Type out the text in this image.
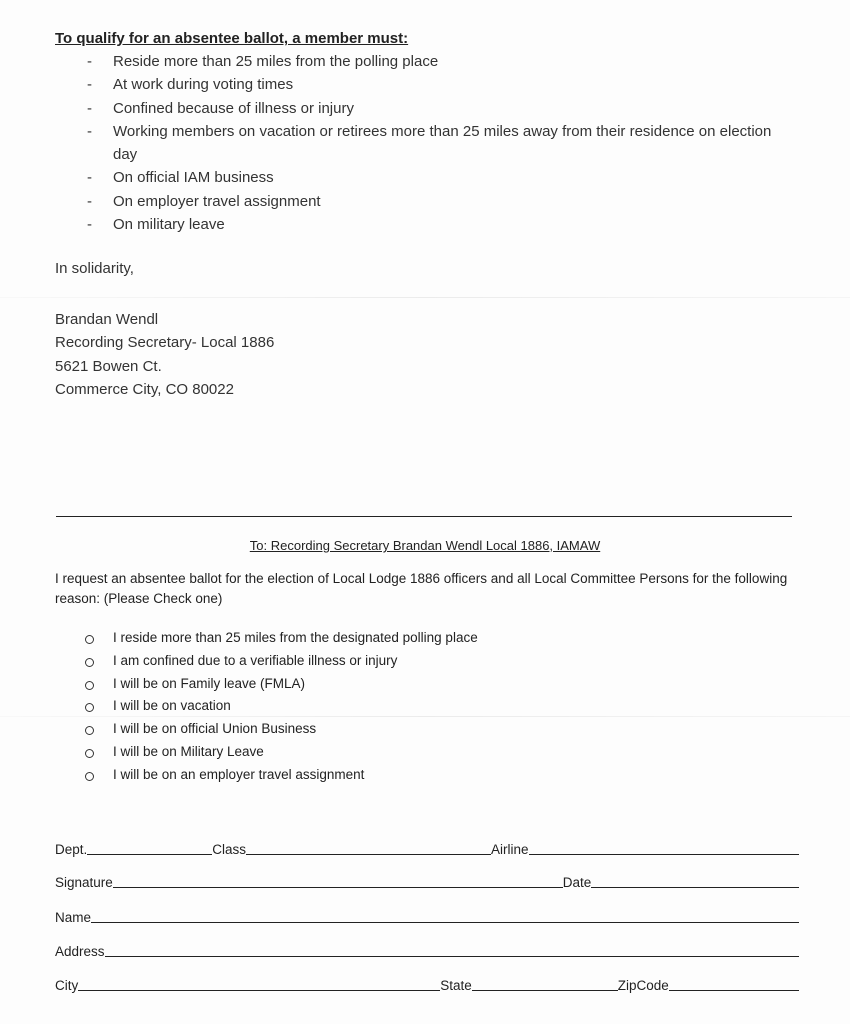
To qualify for an absentee ballot, a member must:
- Reside more than 25 miles from the polling place
- At work during voting times
- Confined because of illness or injury
- Working members on vacation or retirees more than 25 miles away from their residence on election day
- On official IAM business
- On employer travel assignment
- On military leave
In solidarity,
Brandan Wendl
Recording Secretary- Local 1886
5621 Bowen Ct.
Commerce City, CO 80022

To: Recording Secretary Brandan Wendl Local 1886, IAMAW

I request an absentee ballot for the election of Local Lodge 1886 officers and all Local Committee Persons for the following reason: (Please Check one)

I reside more than 25 miles from the designated polling place
I am confined due to a verifiable illness or injury
I will be on Family leave (FMLA)
I will be on vacation
I will be on official Union Business
I will be on Military Leave
I will be on an employer travel assignment
Dept.	Class	Airline
Signature	Date
Name
Address
City	State	ZipCode
